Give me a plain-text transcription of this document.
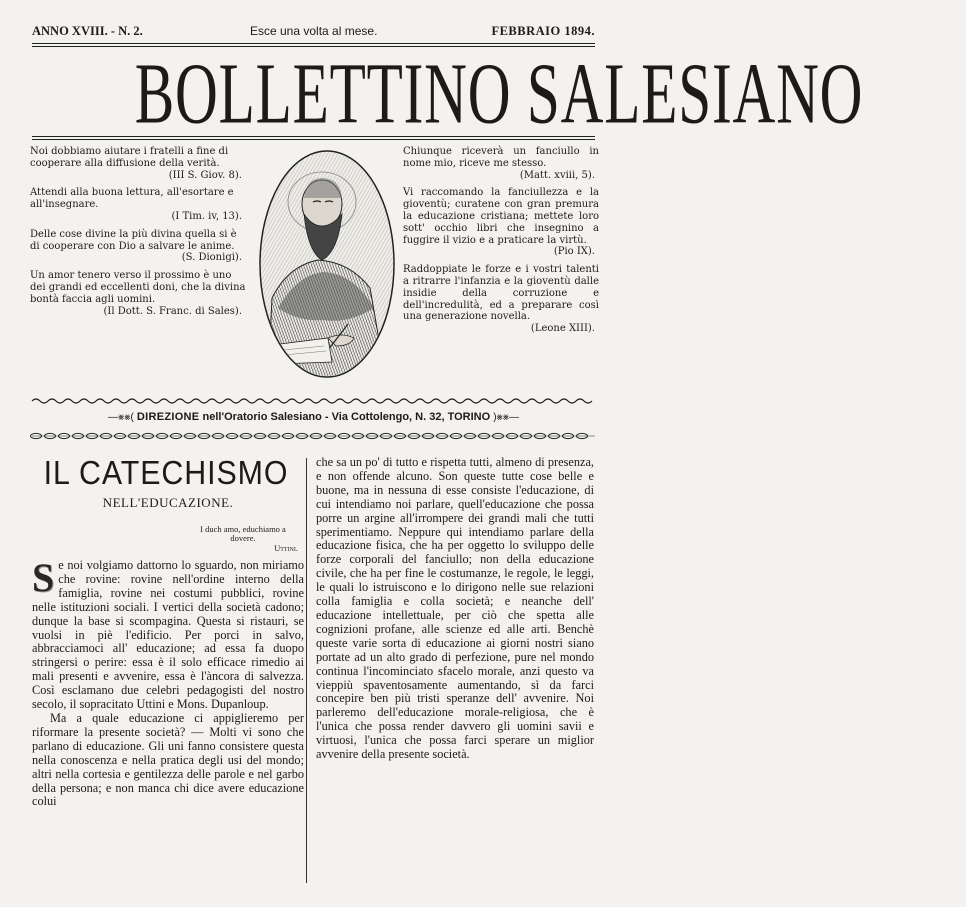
ANNO XVIII. - N. 2.	Esce una volta al mese.	FEBBRAIO 1894.
BOLLETTINO SALESIANO
Noi dobbiamo aiutare i fratelli a fine di cooperare alla diffusione della verità.
(III S. Giov. 8).
Attendi alla buona lettura, all'esortare e all'insegnare.
(I Tim. iv, 13).
Delle cose divine la più divina quella si è di cooperare con Dio a salvare le anime.
(S. Dionigi).
Un amor tenero verso il prossimo è uno dei grandi ed eccellenti doni, che la divina bontà faccia agli uomini.
(Il Dott. S. Franc. di Sales).
Chiunque riceverà un fanciullo in nome mio, riceve me stesso.
(Matt. xviii, 5).
Vi raccomando la fanciullezza e la gioventù; curatene con gran premura la educazione cristiana; mettete loro sott' occhio libri che insegnino a fuggire il vizio e a praticare la virtù.
(Pio IX).
Raddoppiate le forze e i vostri talenti a ritrarre l'infanzia e la gioventù dalle insidie della corruzione e dell'incredulità, ed a preparare così una generazione novella.
(Leone XIII).
—⨳⨳( DIREZIONE nell'Oratorio Salesiano - Via Cottolengo, N. 32, TORINO )⨳⨳—
IL CATECHISMO
NELL'EDUCAZIONE.
I duch amo, educhiamo a dovere.
Uttini.

Se noi volgiamo dattorno lo sguardo, non miriamo che rovine: rovine nell'ordine interno della famiglia, rovine nei costumi pubblici, rovine nelle istituzioni sociali. I vertici della società cadono; dunque la base si scompagina. Questa si ristauri, se vuolsi in piè l'edificio. Per porci in salvo, abbracciamoci all' educazione; ad essa fa duopo stringersi o perire: essa è il solo efficace rimedio ai mali presenti e avvenire, essa è l'àncora di salvezza. Così esclamano due celebri pedagogisti del nostro secolo, il sopracitato Uttini e Mons. Dupanloup.

Ma a quale educazione ci appiglieremo per riformare la presente società? — Molti vi sono che parlano di educazione. Gli uni fanno consistere questa nella conoscenza e nella pratica degli usi del mondo; altri nella cortesia e gentilezza delle parole e nel garbo della persona; e non manca chi dice avere educazione colui

che sa un po' di tutto e rispetta tutti, almeno di presenza, e non offende alcuno. Son queste tutte cose belle e buone, ma in nessuna di esse consiste l'educazione, di cui intendiamo noi parlare, quell'educazione che possa porre un argine all'irrompere dei grandi mali che tutti sperimentiamo. Neppure qui intendiamo parlare della educazione fisica, che ha per oggetto lo sviluppo delle forze corporali del fanciullo; non della educazione civile, che ha per fine le costumanze, le regole, le leggi, le quali lo istruiscono e lo dirigono nelle sue relazioni colla famiglia e colla società; e neanche dell' educazione intellettuale, per ciò che spetta alle cognizioni profane, alle scienze ed alle arti. Benchè queste varie sorta di educazione ai giorni nostri siano portate ad un alto grado di perfezione, pure nel mondo continua l'incominciato sfacelo morale, anzi questo va vieppiù spaventosamente aumentando, sì da farci concepire ben più tristi speranze dell' avvenire. Noi parleremo dell'educazione morale-religiosa, che è l'unica che possa render davvero gli uomini savii e virtuosi, l'unica che possa farci sperare un miglior avvenire della presente società.
